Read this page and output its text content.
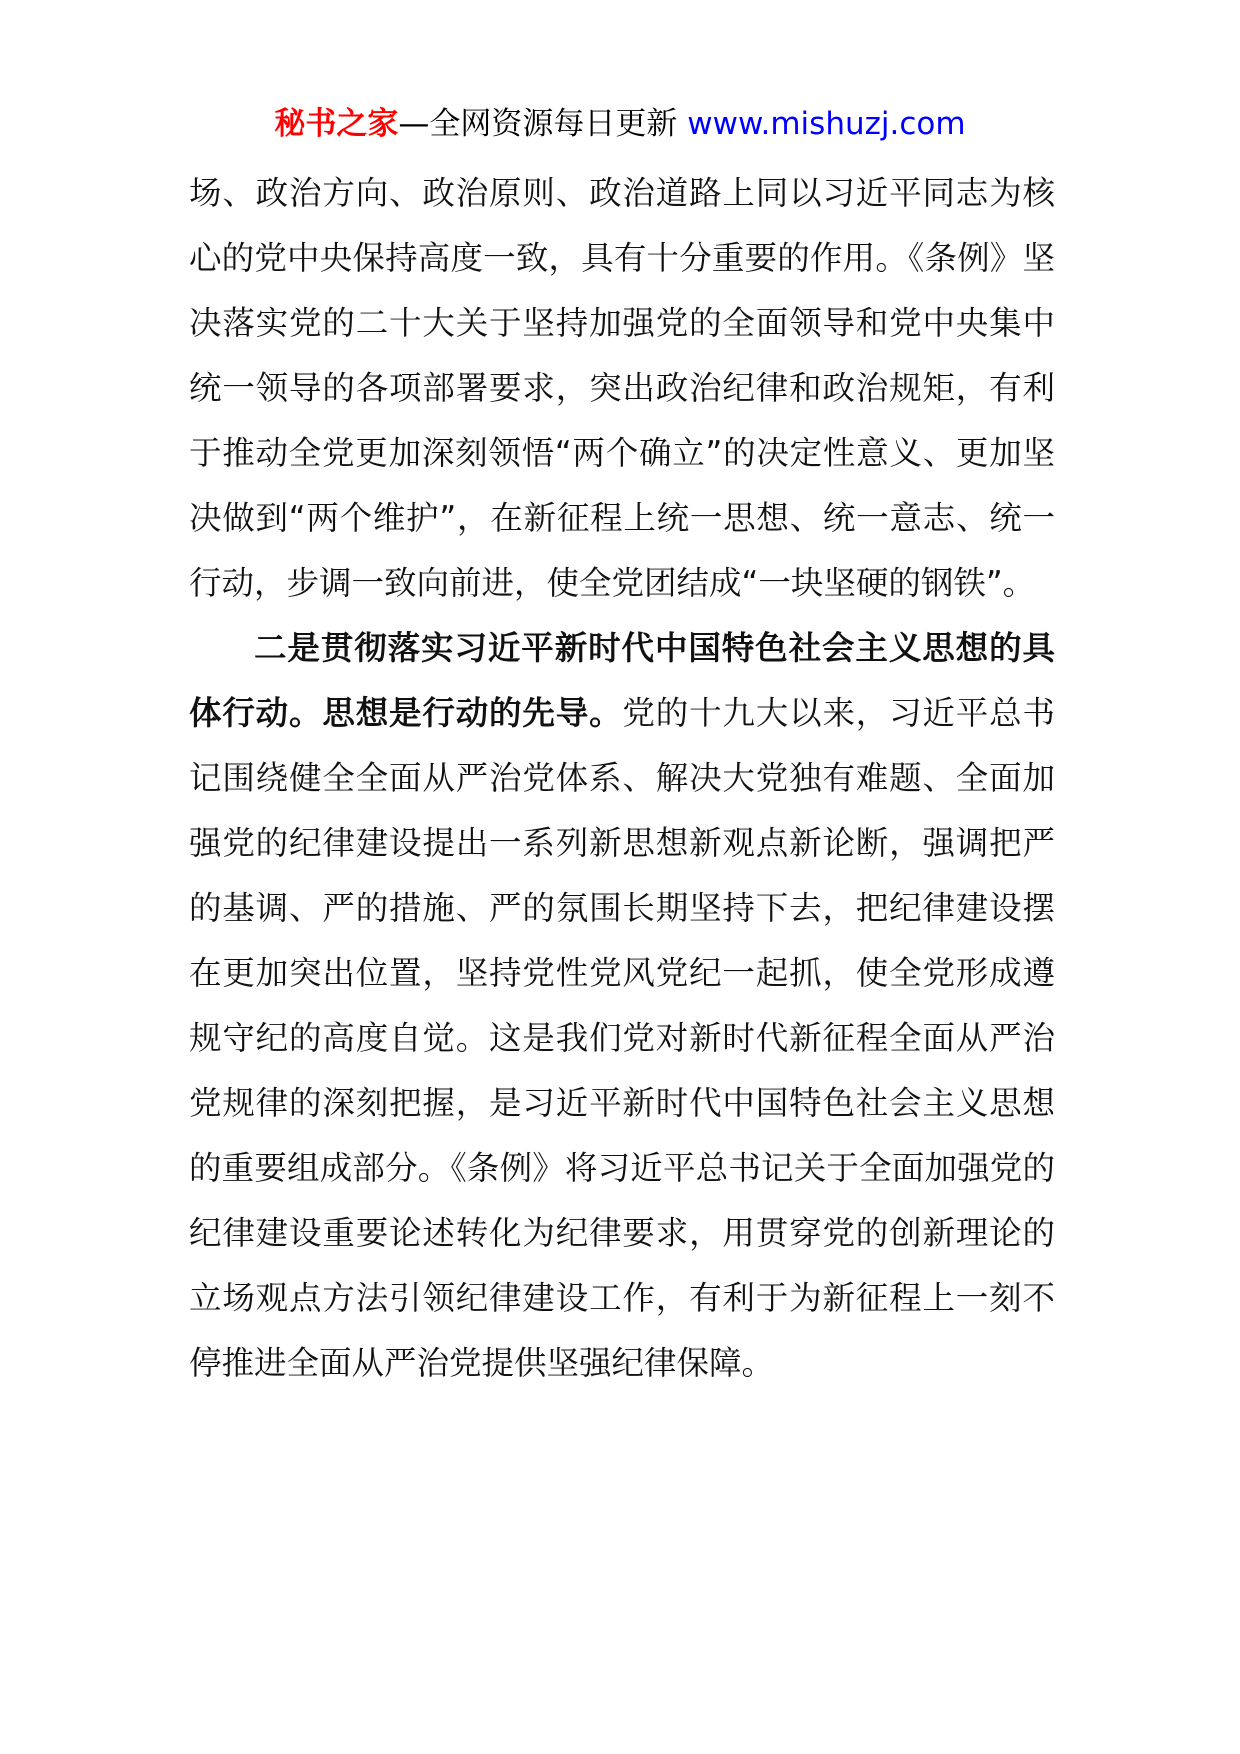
秘书之家—全网资源每日更新 www.mishuzj.com

场、政治方向、政治原则、政治道路上同以习近平同志为核心的党中央保持高度一致，具有十分重要的作用。《条例》坚决落实党的二十大关于坚持加强党的全面领导和党中央集中统一领导的各项部署要求，突出政治纪律和政治规矩，有利于推动全党更加深刻领悟“两个确立”的决定性意义、更加坚决做到“两个维护”，在新征程上统一思想、统一意志、统一行动，步调一致向前进，使全党团结成“一块坚硬的钢铁”。

二是贯彻落实习近平新时代中国特色社会主义思想的具体行动。思想是行动的先导。党的十九大以来，习近平总书记围绕健全全面从严治党体系、解决大党独有难题、全面加强党的纪律建设提出一系列新思想新观点新论断，强调把严的基调、严的措施、严的氛围长期坚持下去，把纪律建设摆在更加突出位置，坚持党性党风党纪一起抓，使全党形成遵规守纪的高度自觉。这是我们党对新时代新征程全面从严治党规律的深刻把握，是习近平新时代中国特色社会主义思想的重要组成部分。《条例》将习近平总书记关于全面加强党的纪律建设重要论述转化为纪律要求，用贯穿党的创新理论的立场观点方法引领纪律建设工作，有利于为新征程上一刻不停推进全面从严治党提供坚强纪律保障。
